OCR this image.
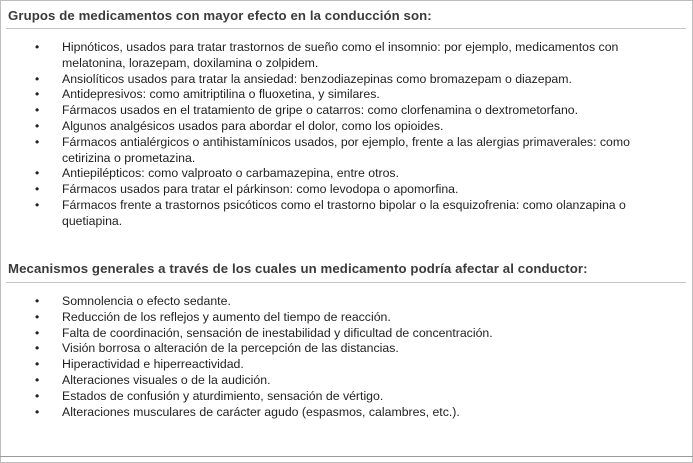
Grupos de medicamentos con mayor efecto en la conducción son:
• Hipnóticos, usados para tratar trastornos de sueño como el insomnio: por ejemplo, medicamentos con melatonina, lorazepam, doxilamina o zolpidem.
• Ansiolíticos usados para tratar la ansiedad: benzodiazepinas como bromazepam o diazepam.
• Antidepresivos: como amitriptilina o fluoxetina, y similares.
• Fármacos usados en el tratamiento de gripe o catarros: como clorfenamina o dextrometorfano.
• Algunos analgésicos usados para abordar el dolor, como los opioides.
• Fármacos antialérgicos o antihistamínicos usados, por ejemplo, frente a las alergias primaverales: como cetirizina o prometazina.
• Antiepilépticos: como valproato o carbamazepina, entre otros.
• Fármacos usados para tratar el párkinson: como levodopa o apomorfina.
• Fármacos frente a trastornos psicóticos como el trastorno bipolar o la esquizofrenia: como olanzapina o quetiapina.
Mecanismos generales a través de los cuales un medicamento podría afectar al conductor:
• Somnolencia o efecto sedante.
• Reducción de los reflejos y aumento del tiempo de reacción.
• Falta de coordinación, sensación de inestabilidad y dificultad de concentración.
• Visión borrosa o alteración de la percepción de las distancias.
• Hiperactividad e hiperreactividad.
• Alteraciones visuales o de la audición.
• Estados de confusión y aturdimiento, sensación de vértigo.
• Alteraciones musculares de carácter agudo (espasmos, calambres, etc.).
